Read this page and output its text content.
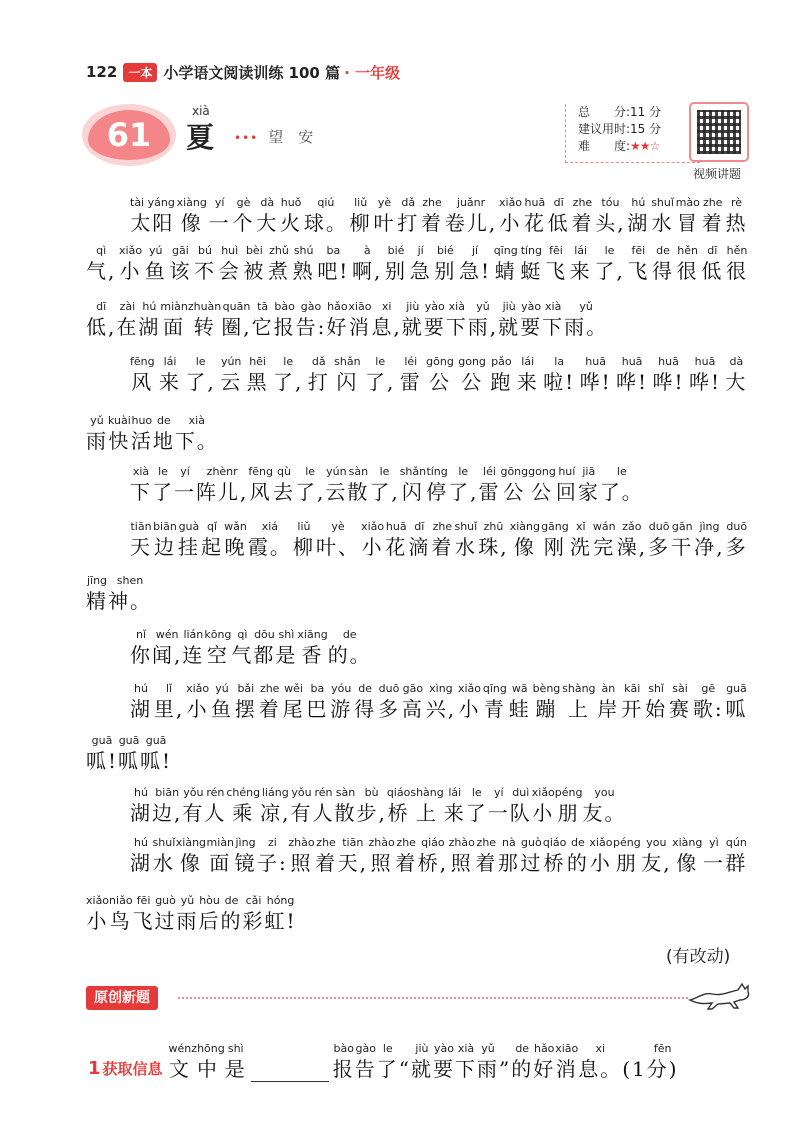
122 一本 小学语文阅读训练 100 篇 · 一年级
61
xià
夏 ••• 望　安
总　　分:11 分
建议用时:15 分
难　　度:★★☆
视频讲题
tài yáng
太阳
xiàng
像
yí
一
gè
个
dà
大
huǒ
火
qiú
球。
liǔ
柳
yè
叶
dǎ
打
zhe
着
juǎnr
卷儿,
xiǎo
小
huā
花
dī
低
zhe
着
tóu
头,
hú
湖
shuǐ
水
mào
冒
zhe
着
rè
热
qì
气,
xiǎo
小
yú
鱼
gāi
该
bú
不
huì
会
bèi
被
zhǔ
煮
shú
熟
ba
吧!
à
啊,
bié
别
jí
急
bié
别
jí
急!
qīng
蜻
tíng
蜓
fēi
飞
lái
来
le
了,
fēi
飞
de
得
hěn
很
dī
低
hěn
很
dī
低,
zài
在
hú
湖
miàn
面
zhuàn
转
quān
圈,
tā
它
bào
报
gào
告:
hǎo
好
xiāo
消
xi
息,
jiù
就
yào
要
xià
下
yǔ
雨,
jiù
就
yào
要
xià
下
yǔ
雨。
fēng
风
lái
来
le
了,
yún
云
hēi
黑
le
了,
dǎ
打
shǎn
闪
le
了,
léi
雷
gōng
公
gong
公
pǎo
跑
lái
来
la
啦!
huā
哗!
huā
哗!
huā
哗!
huā
哗!
dà
大
yǔ
雨
kuài
快
huo
活
de
地
xià
下。
xià
下
le
了
yí
一
zhènr
阵儿,
fēng
风
qù
去
le
了,
yún
云
sàn
散
le
了,
shǎn
闪
tíng
停
le
了,
léi
雷
gōng
公
gong
公
huí
回
jiā
家
le
了。
tiān
天
biān
边
guà
挂
qǐ
起
wǎn
晚
xiá
霞。
liǔ
柳
yè
叶、
xiǎo
小
huā
花
dī
滴
zhe
着
shuǐ
水
zhū
珠,
xiàng
像
gāng
刚
xǐ
洗
wán
完
zǎo
澡,
duō
多
gān
干
jìng
净,
duō
多
jīng
精
shen
神。
nǐ
你
wén
闻,
lián
连
kōng
空
qì
气
dōu
都
shì
是
xiāng
香
de
的。
hú
湖
lǐ
里,
xiǎo
小
yú
鱼
bǎi
摆
zhe
着
wěi
尾
ba
巴
yóu
游
de
得
duō
多
gāo
高
xìng
兴,
xiǎo
小
qīng
青
wā
蛙
bèng
蹦
shàng
上
àn
岸
kāi
开
shǐ
始
sài
赛
gē
歌:
guā
呱
guā
呱!
guā
呱
guā
呱!
hú
湖
biān
边,
yǒu
有
rén
人
chéng
乘
liáng
凉,
yǒu
有
rén
人
sàn
散
bù
步,
qiáo
桥
shàng
上
lái
来
le
了
yí
一
duì
队
xiǎo
小
péng
朋
you
友。
hú
湖
shuǐ
水
xiàng
像
miàn
面
jìng
镜
zi
子:
zhào
照
zhe
着
tiān
天,
zhào
照
zhe
着
qiáo
桥,
zhào
照
zhe
着
nà
那
guò
过
qiáo
桥
de
的
xiǎo
小
péng
朋
you
友,
xiàng
像
yì
一
qún
群
xiǎo
小
niǎo
鸟
fēi
飞
guò
过
yǔ
雨
hòu
后
de
的
cǎi
彩
hóng
虹!
(有改动)
原创新题
1 获取信息
wén
文
zhōng
中
shì
是
bào
报
gào
告
le
了 “
jiù
就
yào
要
xià
下
yǔ
雨 ”
de
的
hǎo
好
xiāo
消
xi
息。 (1
fēn
分)
